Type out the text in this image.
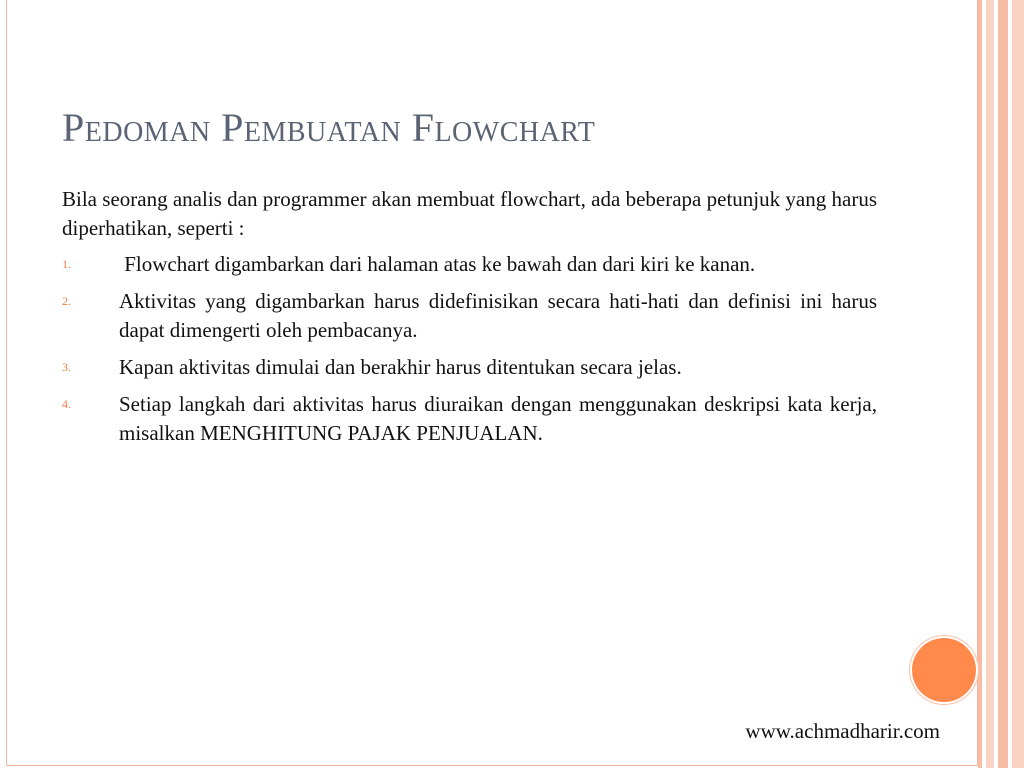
Pedoman Pembuatan Flowchart

Bila seorang analis dan programmer akan membuat flowchart, ada beberapa petunjuk yang harus diperhatikan, seperti :

1. Flowchart digambarkan dari halaman atas ke bawah dan dari kiri ke kanan.
2. Aktivitas yang digambarkan harus didefinisikan secara hati-hati dan definisi ini harus dapat dimengerti oleh pembacanya.
3. Kapan aktivitas dimulai dan berakhir harus ditentukan secara jelas.
4. Setiap langkah dari aktivitas harus diuraikan dengan menggunakan deskripsi kata kerja, misalkan MENGHITUNG PAJAK PENJUALAN.
www.achmadharir.com
